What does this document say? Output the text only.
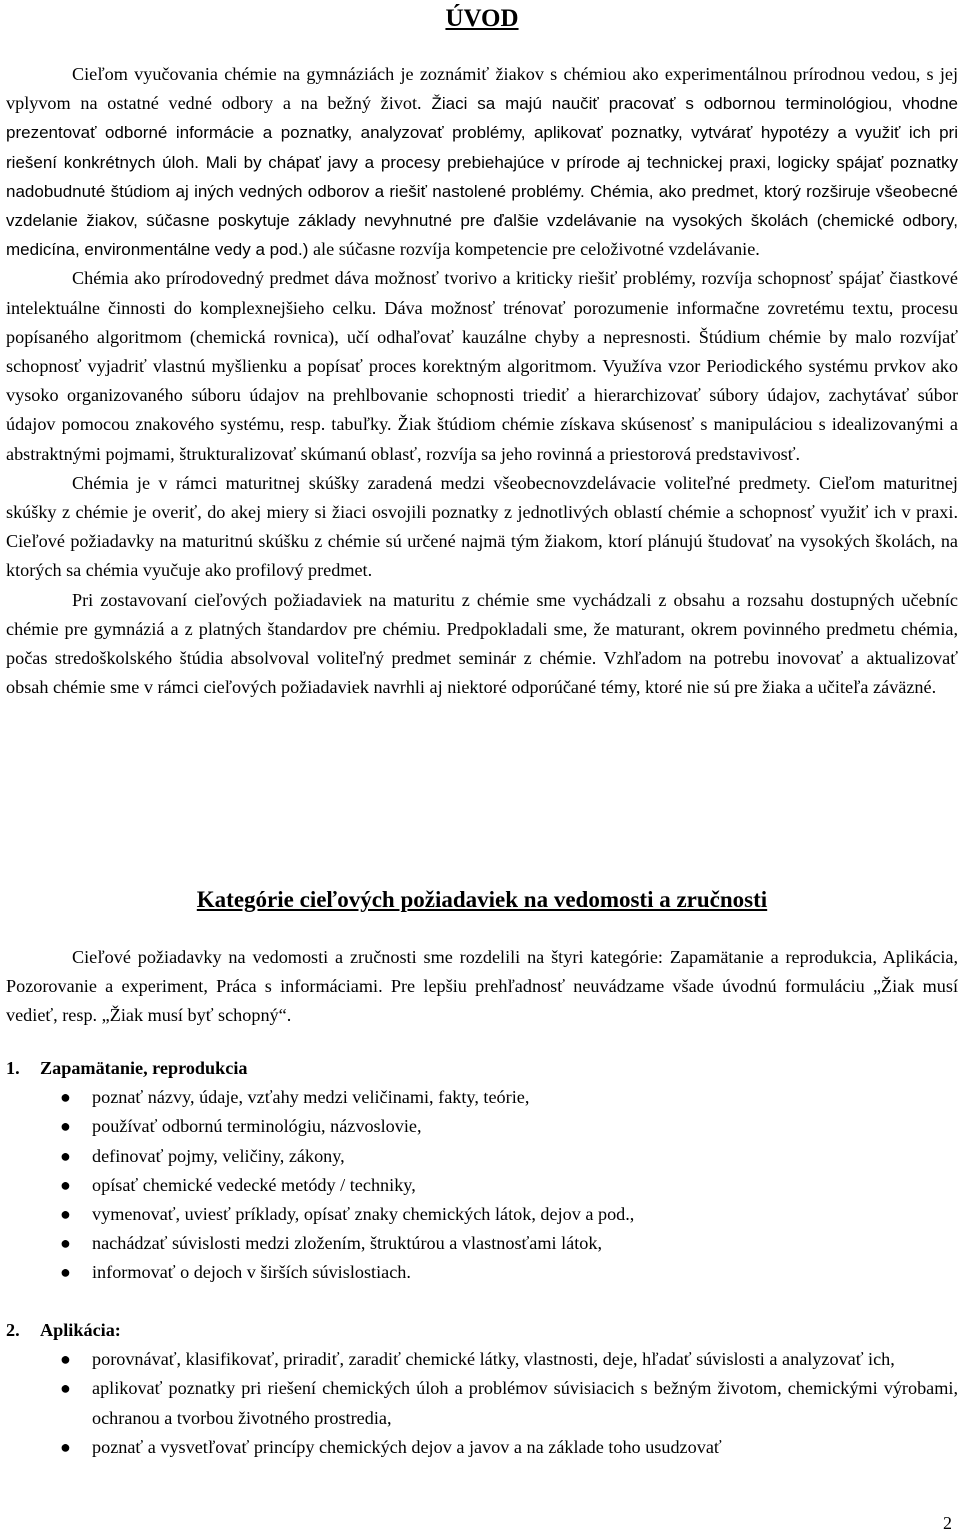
ÚVOD

Cieľom vyučovania chémie na gymnáziách je zoznámiť žiakov s chémiou ako experimentálnou prírodnou vedou, s jej vplyvom na ostatné vedné odbory a na bežný život. Žiaci sa majú naučiť pracovať s odbornou terminológiou, vhodne prezentovať odborné informácie a poznatky, analyzovať problémy, aplikovať poznatky, vytvárať hypotézy a využiť ich pri riešení konkrétnych úloh. Mali by chápať javy a procesy prebiehajúce v prírode aj technickej praxi, logicky spájať poznatky nadobudnuté štúdiom aj iných vedných odborov a riešiť nastolené problémy. Chémia, ako predmet, ktorý rozširuje všeobecné vzdelanie žiakov, súčasne poskytuje základy nevyhnutné pre ďalšie vzdelávanie na vysokých školách (chemické odbory, medicína, environmentálne vedy a pod.) ale súčasne rozvíja kompetencie pre celoživotné vzdelávanie.

Chémia ako prírodovedný predmet dáva možnosť tvorivo a kriticky riešiť problémy, rozvíja schopnosť spájať čiastkové intelektuálne činnosti do komplexnejšieho celku. Dáva možnosť trénovať porozumenie informačne zovretému textu, procesu popísaného algoritmom (chemická rovnica), učí odhaľovať kauzálne chyby a nepresnosti. Štúdium chémie by malo rozvíjať schopnosť vyjadriť vlastnú myšlienku a popísať proces korektným algoritmom. Využíva vzor Periodického systému prvkov ako vysoko organizovaného súboru údajov na prehlbovanie schopnosti triediť a hierarchizovať súbory údajov, zachytávať súbor údajov pomocou znakového systému, resp. tabuľky. Žiak štúdiom chémie získava skúsenosť s manipuláciou s idealizovanými a abstraktnými pojmami, štrukturalizovať skúmanú oblasť, rozvíja sa jeho rovinná a priestorová predstavivosť.

Chémia je v rámci maturitnej skúšky zaradená medzi všeobecnovzdelávacie voliteľné predmety. Cieľom maturitnej skúšky z chémie je overiť, do akej miery si žiaci osvojili poznatky z jednotlivých oblastí chémie a schopnosť využiť ich v praxi. Cieľové požiadavky na maturitnú skúšku z chémie sú určené najmä tým žiakom, ktorí plánujú študovať na vysokých školách, na ktorých sa chémia vyučuje ako profilový predmet.

Pri zostavovaní cieľových požiadaviek na maturitu z chémie sme vychádzali z obsahu a rozsahu dostupných učebníc chémie pre gymnáziá a z platných štandardov pre chémiu. Predpokladali sme, že maturant, okrem povinného predmetu chémia, počas stredoškolského štúdia absolvoval voliteľný predmet seminár z chémie. Vzhľadom na potrebu inovovať a aktualizovať obsah chémie sme v rámci cieľových požiadaviek navrhli aj niektoré odporúčané témy, ktoré nie sú pre žiaka a učiteľa záväzné.

Kategórie cieľových požiadaviek na vedomosti a zručnosti

Cieľové požiadavky na vedomosti a zručnosti sme rozdelili na štyri kategórie: Zapamätanie a reprodukcia, Aplikácia, Pozorovanie a experiment, Práca s informáciami. Pre lepšiu prehľadnosť neuvádzame všade úvodnú formuláciu „Žiak musí vedieť, resp. „Žiak musí byť schopný“.

1. Zapamätanie, reprodukcia

● poznať názvy, údaje, vzťahy medzi veličinami, fakty, teórie,
● používať odbornú terminológiu, názvoslovie,
● definovať pojmy, veličiny, zákony,
● opísať chemické vedecké metódy / techniky,
● vymenovať, uviesť príklady, opísať znaky chemických látok, dejov a pod.,
● nachádzať súvislosti medzi zložením, štruktúrou a vlastnosťami látok,
● informovať o dejoch v širších súvislostiach.

2. Aplikácia:

● porovnávať, klasifikovať, priradiť, zaradiť chemické látky, vlastnosti, deje, hľadať súvislosti a analyzovať ich,
● aplikovať poznatky pri riešení chemických úloh a problémov súvisiacich s bežným životom, chemickými výrobami, ochranou a tvorbou životného prostredia,
● poznať a vysvetľovať princípy chemických dejov a javov a na základe toho usudzovať
2
